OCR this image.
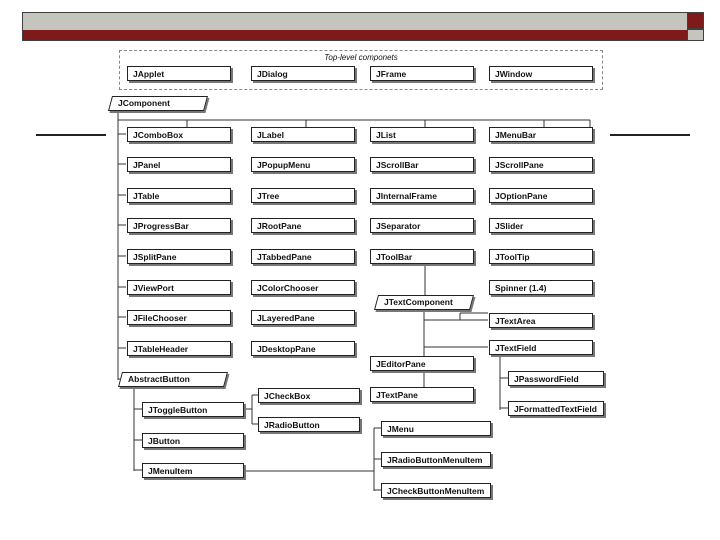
Top-level componets
JApplet	JDialog	JFrame	JWindow
JComponent
JComboBox	JLabel	JList	JMenuBar
JPanel	JPopupMenu	JScrollBar	JScrollPane
JTable	JTree	JInternalFrame	JOptionPane
JProgressBar	JRootPane	JSeparator	JSlider
JSplitPane	JTabbedPane	JToolBar	JToolTip
JViewPort	JColorChooser	Spinner (1.4)
JFileChooser	JLayeredPane
JTableHeader	JDesktopPane
JTextComponent
JTextArea
JTextField
JEditorPane
JTextPane
JPasswordField
JFormattedTextField
AbstractButton
JToggleButton
JButton
JMenuItem
JCheckBox
JRadioButton	JMenu
JRadioButtonMenuItem
JCheckButtonMenuItem
